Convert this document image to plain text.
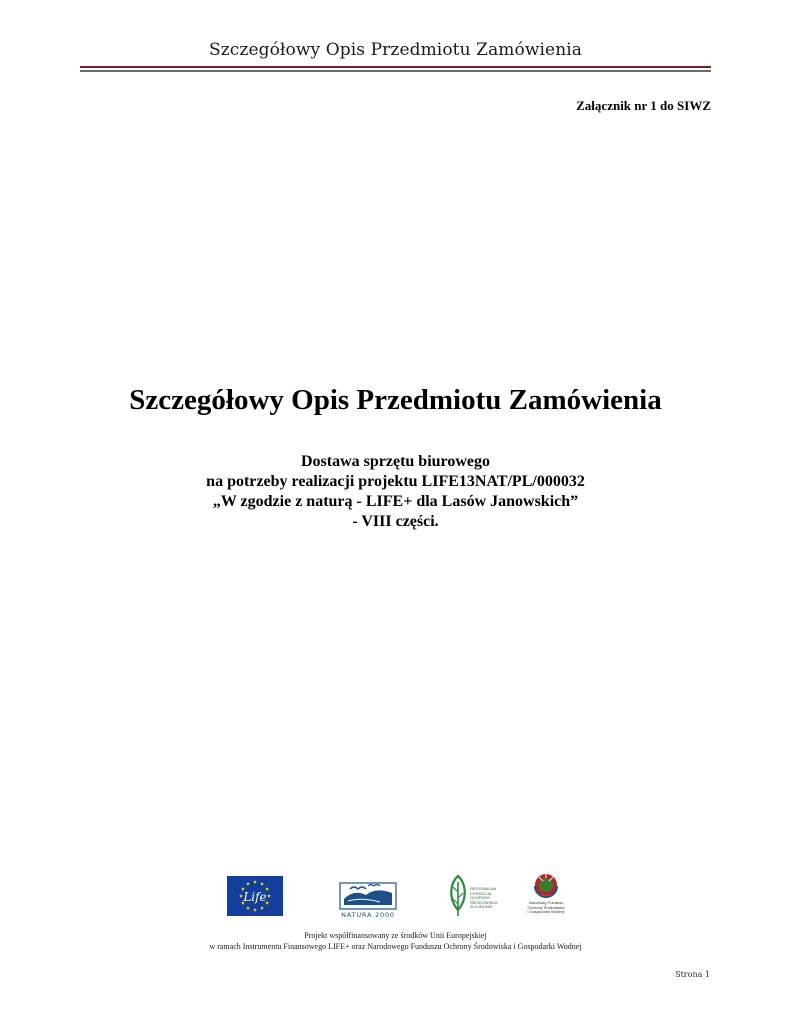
Szczegółowy Opis Przedmiotu Zamówienia
Załącznik nr 1 do SIWZ
Szczegółowy Opis Przedmiotu Zamówienia
Dostawa sprzętu biurowego
na potrzeby realizacji projektu LIFE13NAT/PL/000032
„W zgodzie z naturą - LIFE+ dla Lasów Janowskich”
- VIII części.
Life
NATURA 2000
REGIONALNA
DYREKCJA
OCHRONY
ŚRODOWISKA
W LUBLINIE
Narodowy Fundusz
Ochrony Środowiska
i Gospodarki Wodnej
Projekt współfinansowany ze środków Unii Europejskiej
w ramach Instrumentu Finansowego LIFE+ oraz Narodowego Funduszu Ochrony Środowiska i Gospodarki Wodnej
Strona 1
